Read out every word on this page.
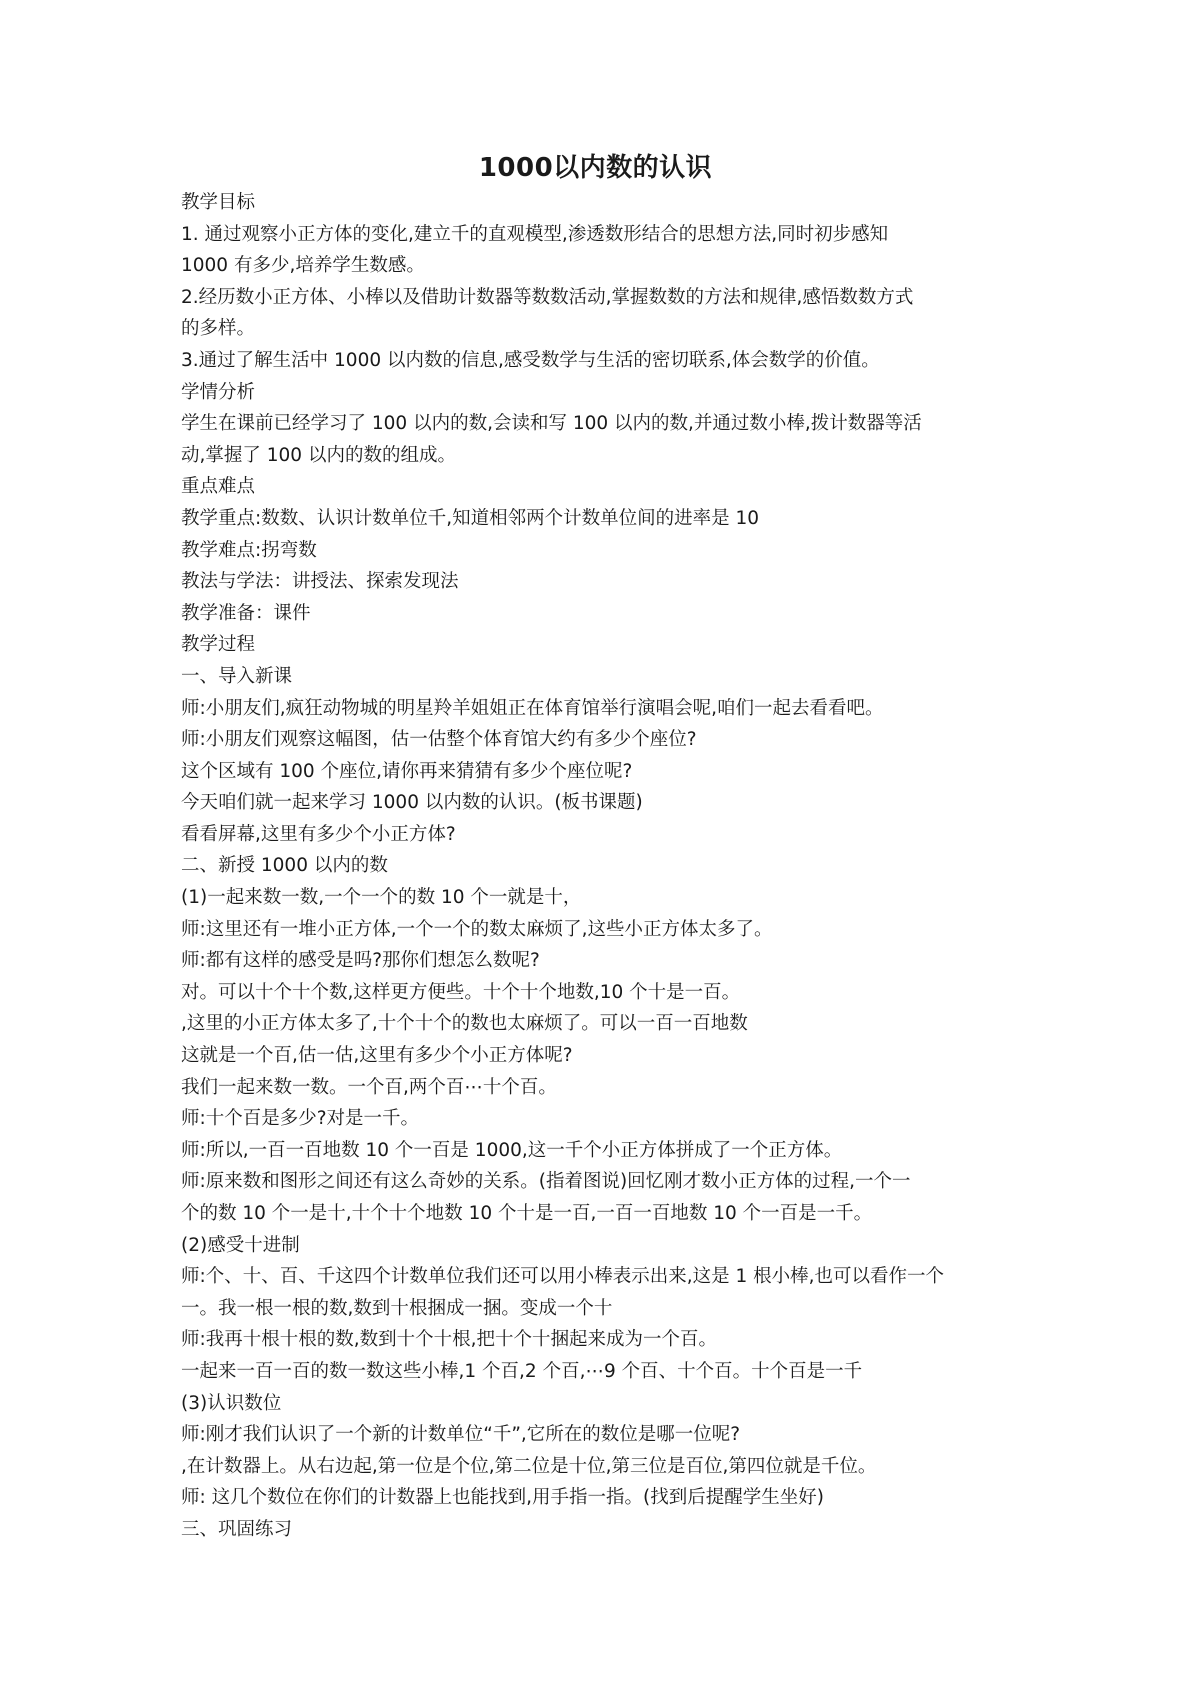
1000以内数的认识
教学目标
1. 通过观察小正方体的变化,建立千的直观模型,渗透数形结合的思想方法,同时初步感知
1000 有多少,培养学生数感。
2.经历数小正方体、小棒以及借助计数器等数数活动,掌握数数的方法和规律,感悟数数方式
的多样。
3.通过了解生活中 1000 以内数的信息,感受数学与生活的密切联系,体会数学的价值。
学情分析
学生在课前已经学习了 100 以内的数,会读和写 100 以内的数,并通过数小棒,拨计数器等活
动,掌握了 100 以内的数的组成。
重点难点
教学重点:数数、认识计数单位千,知道相邻两个计数单位间的进率是 10
教学难点:拐弯数
教法与学法：讲授法、探索发现法
教学准备：课件
教学过程
一、导入新课
师:小朋友们,疯狂动物城的明星羚羊姐姐正在体育馆举行演唱会呢,咱们一起去看看吧。
师:小朋友们观察这幅图，估一估整个体育馆大约有多少个座位?
这个区域有 100 个座位,请你再来猜猜有多少个座位呢?
今天咱们就一起来学习 1000 以内数的认识。(板书课题)
看看屏幕,这里有多少个小正方体?
二、新授 1000 以内的数
(1)一起来数一数,一个一个的数 10 个一就是十，
师:这里还有一堆小正方体,一个一个的数太麻烦了,这些小正方体太多了。
师:都有这样的感受是吗?那你们想怎么数呢?
对。可以十个十个数,这样更方便些。十个十个地数,10 个十是一百。
,这里的小正方体太多了,十个十个的数也太麻烦了。可以一百一百地数
这就是一个百,估一估,这里有多少个小正方体呢?
我们一起来数一数。一个百,两个百⋯十个百。
师:十个百是多少?对是一千。
师:所以,一百一百地数 10 个一百是 1000,这一千个小正方体拼成了一个正方体。
师:原来数和图形之间还有这么奇妙的关系。(指着图说)回忆刚才数小正方体的过程,一个一
个的数 10 个一是十,十个十个地数 10 个十是一百,一百一百地数 10 个一百是一千。
(2)感受十进制
师:个、十、百、千这四个计数单位我们还可以用小棒表示出来,这是 1 根小棒,也可以看作一个
一。我一根一根的数,数到十根捆成一捆。变成一个十
师:我再十根十根的数,数到十个十根,把十个十捆起来成为一个百。
一起来一百一百的数一数这些小棒,1 个百,2 个百,⋯9 个百、十个百。十个百是一千
(3)认识数位
师:刚才我们认识了一个新的计数单位“千”,它所在的数位是哪一位呢?
,在计数器上。从右边起,第一位是个位,第二位是十位,第三位是百位,第四位就是千位。
师: 这几个数位在你们的计数器上也能找到,用手指一指。(找到后提醒学生坐好)
三、巩固练习
